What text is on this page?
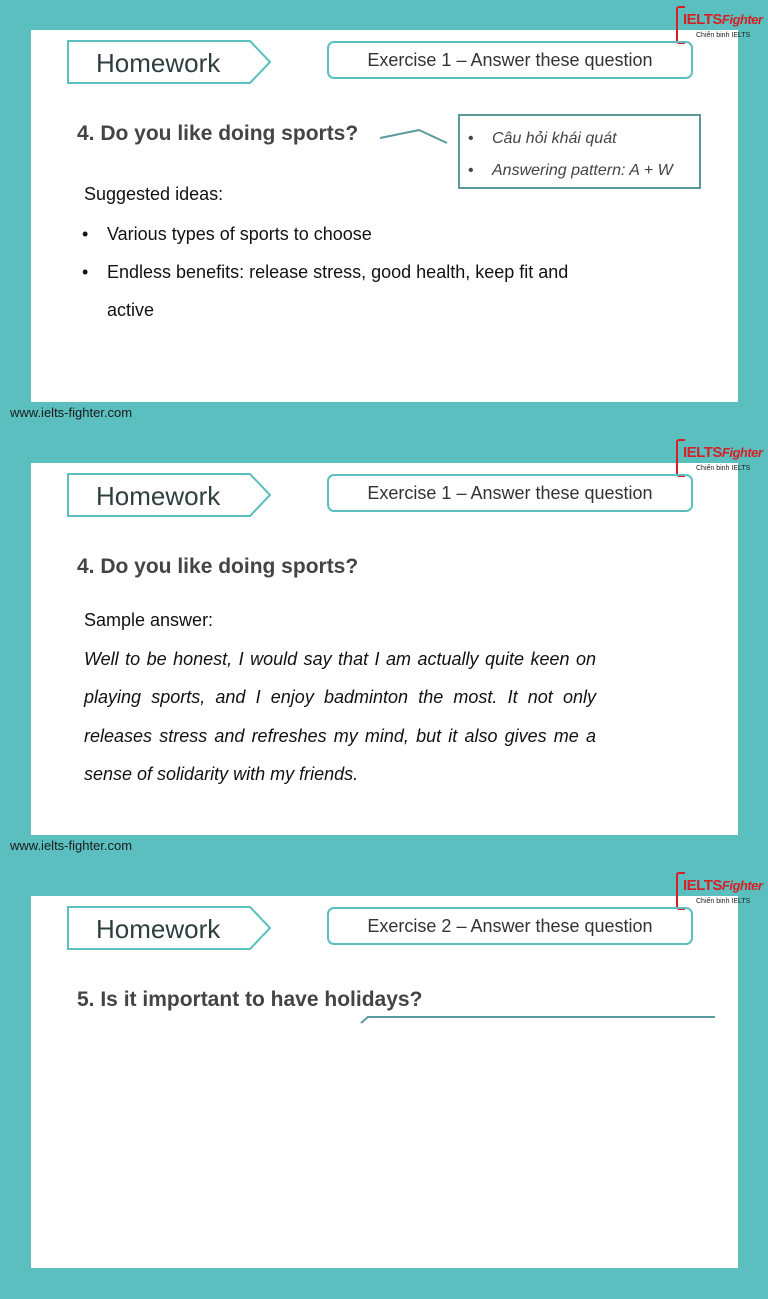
IELTSFighter
Chiến binh IELTS
Homework	Exercise 1 – Answer these question
4. Do you like doing sports?	• Câu hỏi khái quát
• Answering pattern: A + W
Suggested ideas:
•	Various types of sports to choose
•	Endless benefits: release stress, good health, keep fit and active
www.ielts-fighter.com
IELTSFighter
Chiến binh IELTS
Homework	Exercise 1 – Answer these question
4. Do you like doing sports?
www.ielts-fighter.com
Sample answer:
Well to be honest, I would say that I am actually quite keen on playing sports, and I enjoy badminton the most. It not only releases stress and refreshes my mind, but it also gives me a sense of solidarity with my friends.
IELTSFighter
Chiến binh IELTS
Homework	Exercise 2 – Answer these question
5. Is it important to have holidays?
